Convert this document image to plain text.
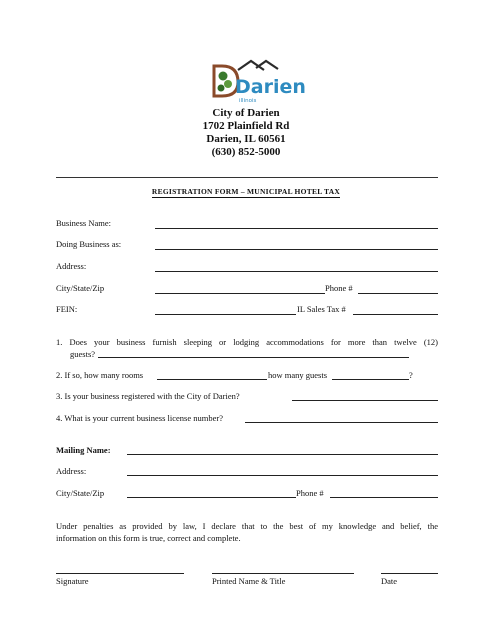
Darien
illinois
City of Darien
1702 Plainfield Rd
Darien, IL 60561
(630) 852-5000
REGISTRATION FORM – MUNICIPAL HOTEL TAX
Business Name:
Doing Business as:
Address:
City/State/Zip	Phone #
FEIN:	IL Sales Tax #
1. Does your business furnish sleeping or lodging accommodations for more than twelve (12)
guests?
2. If so, how many rooms	how many guests	?
3. Is your business registered with the City of Darien?
4. What is your current business license number?
Mailing Name:
Address:
City/State/Zip	Phone #
Under penalties as provided by law, I declare that to the best of my knowledge and belief, the
information on this form is true, correct and complete.
Signature	Printed Name & Title	Date
